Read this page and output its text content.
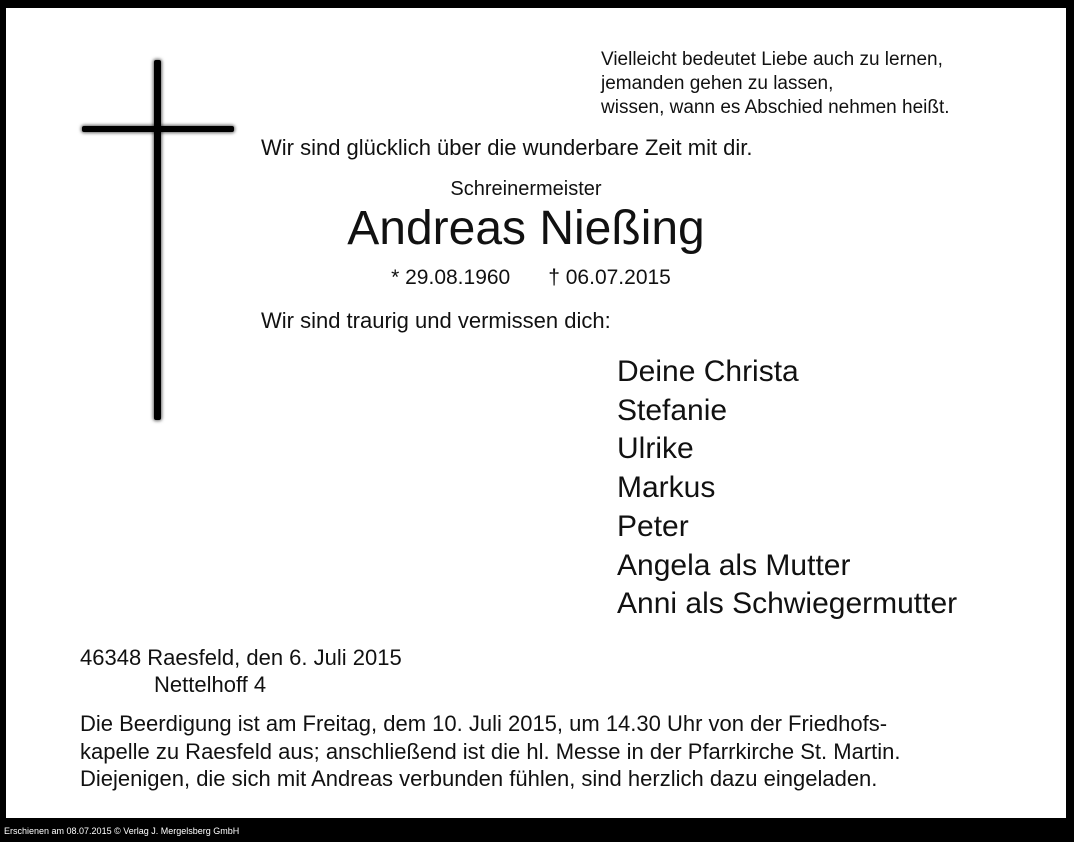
Vielleicht bedeutet Liebe auch zu lernen,
jemanden gehen zu lassen,
wissen, wann es Abschied nehmen heißt.
Wir sind glücklich über die wunderbare Zeit mit dir.
Schreinermeister
Andreas Nießing
* 29.08.1960 † 06.07.2015
Wir sind traurig und vermissen dich:
Deine Christa
Stefanie
Ulrike
Markus
Peter
Angela als Mutter
Anni als Schwiegermutter
46348 Raesfeld, den 6. Juli 2015
Nettelhoff 4
Die Beerdigung ist am Freitag, dem 10. Juli 2015, um 14.30 Uhr von der Friedhofs-
kapelle zu Raesfeld aus; anschließend ist die hl. Messe in der Pfarrkirche St. Martin.
Diejenigen, die sich mit Andreas verbunden fühlen, sind herzlich dazu eingeladen.
Erschienen am 08.07.2015 © Verlag J. Mergelsberg GmbH
